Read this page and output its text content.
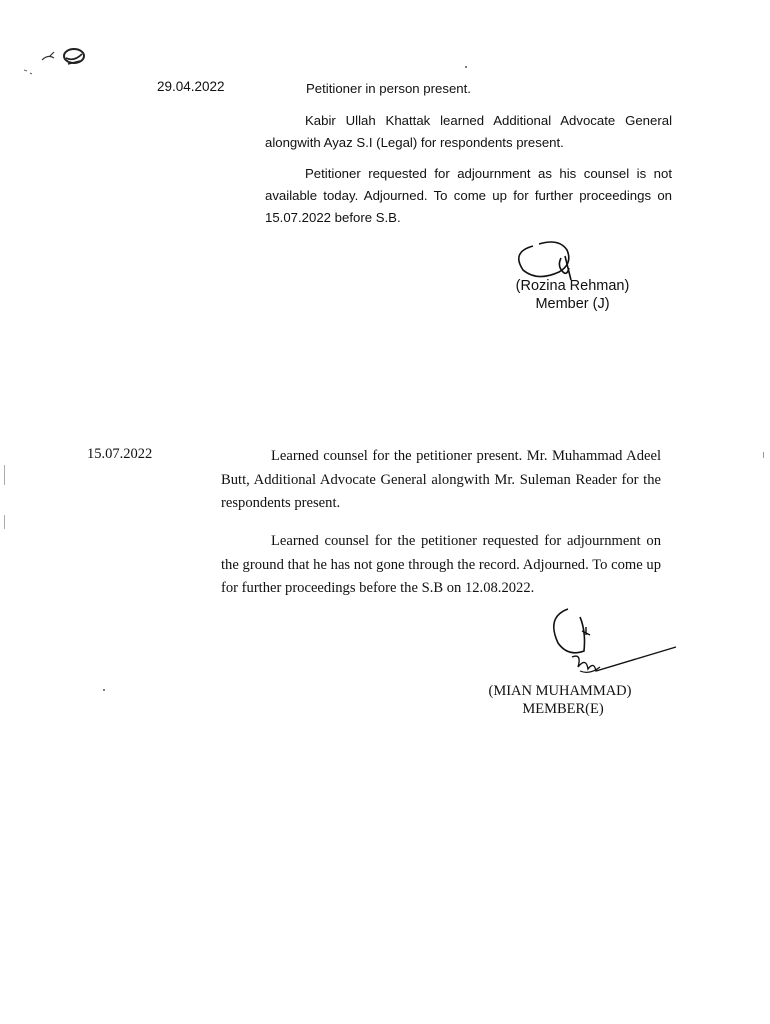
29.04.2022	Petitioner in person present.

Kabir Ullah Khattak learned Additional Advocate General alongwith Ayaz S.I (Legal) for respondents present.

Petitioner requested for adjournment as his counsel is not available today. Adjourned. To come up for further proceedings on 15.07.2022 before S.B.

(Rozina Rehman)
Member (J)
15.07.2022	Learned counsel for the petitioner present. Mr. Muhammad Adeel Butt, Additional Advocate General alongwith Mr. Suleman Reader for the respondents present.

Learned counsel for the petitioner requested for adjournment on the ground that he has not gone through the record. Adjourned. To come up for further proceedings before the S.B on 12.08.2022.

(MIAN MUHAMMAD)
MEMBER(E)
